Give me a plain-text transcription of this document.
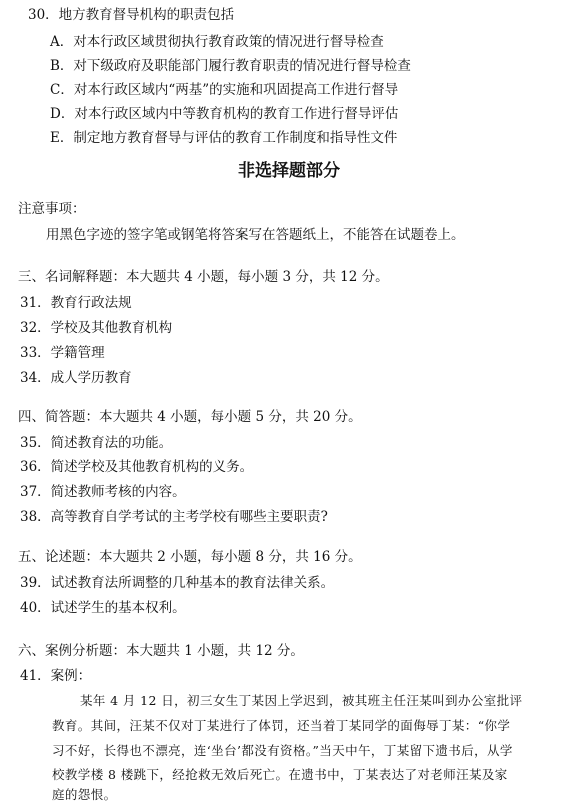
30．地方教育督导机构的职责包括
A．对本行政区域贯彻执行教育政策的情况进行督导检查
B．对下级政府及职能部门履行教育职责的情况进行督导检查
C．对本行政区域内“两基”的实施和巩固提高工作进行督导
D．对本行政区域内中等教育机构的教育工作进行督导评估
E．制定地方教育督导与评估的教育工作制度和指导性文件
非选择题部分
注意事项：
用黑色字迹的签字笔或钢笔将答案写在答题纸上，不能答在试题卷上。
三、名词解释题：本大题共 4 小题，每小题 3 分，共 12 分。
31．教育行政法规
32．学校及其他教育机构
33．学籍管理
34．成人学历教育
四、简答题：本大题共 4 小题，每小题 5 分，共 20 分。
35．简述教育法的功能。
36．简述学校及其他教育机构的义务。
37．简述教师考核的内容。
38．高等教育自学考试的主考学校有哪些主要职责?
五、论述题：本大题共 2 小题，每小题 8 分，共 16 分。
39．试述教育法所调整的几种基本的教育法律关系。
40．试述学生的基本权利。
六、案例分析题：本大题共 1 小题，共 12 分。
41．案例：
某年 4 月 12 日，初三女生丁某因上学迟到，被其班主任汪某叫到办公室批评
教育。其间，汪某不仅对丁某进行了体罚，还当着丁某同学的面侮辱丁某：“你学
习不好，长得也不漂亮，连‘坐台’都没有资格。”当天中午，丁某留下遗书后，从学
校教学楼 8 楼跳下，经抢救无效后死亡。在遗书中，丁某表达了对老师汪某及家
庭的怨恨。
